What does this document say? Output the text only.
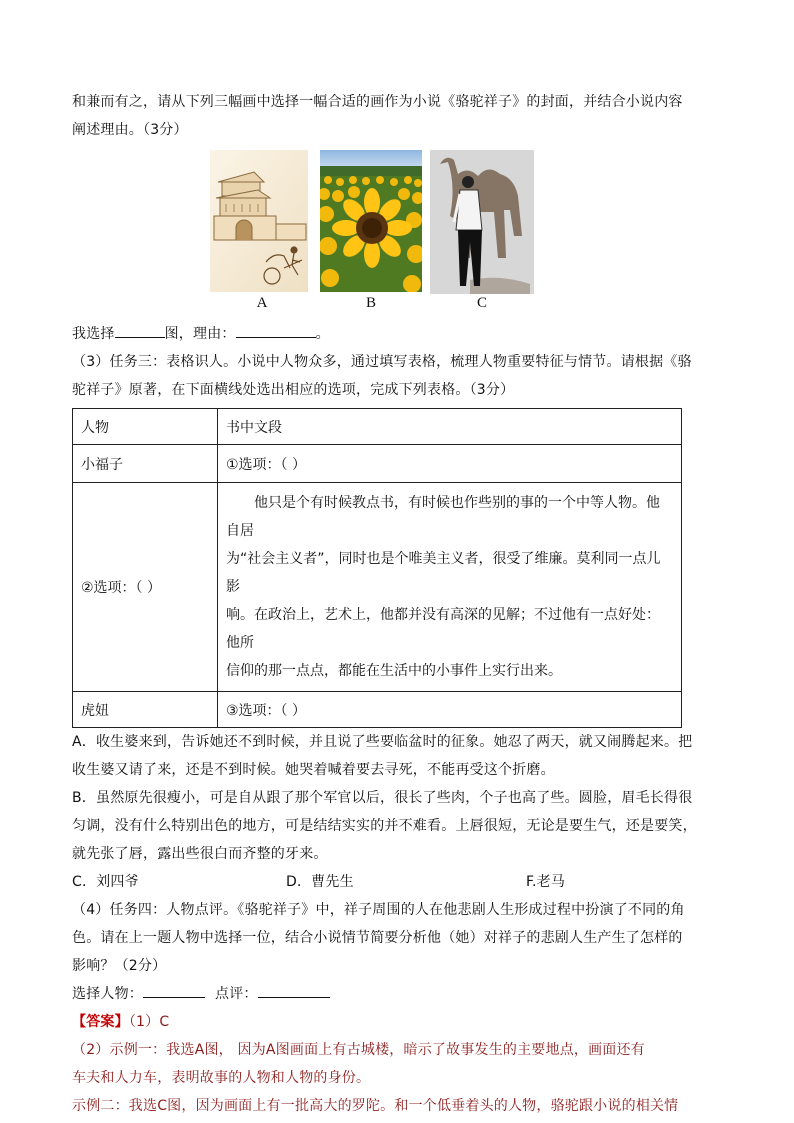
和兼而有之，请从下列三幅画中选择一幅合适的画作为小说《骆驼祥子》的封面，并结合小说内容

阐述理由。（3分）

A	B	C

我选择	图，理由：	。

（3）任务三：表格识人。小说中人物众多，通过填写表格，梳理人物重要特征与情节。请根据《骆

驼祥子》原著，在下面横线处选出相应的选项，完成下列表格。（3分）

人物	书中文段
小福子	①选项：（ ）
②选项：（ ）	他只是个有时候教点书，有时候也作些别的事的一个中等人物。他自居
为“社会主义者”，同时也是个唯美主义者，很受了维廉。莫利同一点儿影
响。在政治上，艺术上，他都并没有高深的见解；不过他有一点好处：他所
信仰的那一点点，都能在生活中的小事件上实行出来。

虎妞	③选项：（ ）

A．收生婆来到，告诉她还不到时候，并且说了些要临盆时的征象。她忍了两天，就又闹腾起来。把

收生婆又请了来，还是不到时候。她哭着喊着要去寻死，不能再受这个折磨。

B．虽然原先很瘦小，可是自从跟了那个军官以后，很长了些肉，个子也高了些。圆脸，眉毛长得很

匀调，没有什么特别出色的地方，可是结结实实的并不难看。上唇很短，无论是要生气，还是要笑，

就先张了唇，露出些很白而齐整的牙来。

C．刘四爷	D．曹先生	F.老马

（4）任务四：人物点评。《骆驼祥子》中，祥子周围的人在他悲剧人生形成过程中扮演了不同的角

色。请在上一题人物中选择一位，结合小说情节简要分析他（她）对祥子的悲剧人生产生了怎样的

影响？（2分）

选择人物：	点评：

【答案】（1）C

（2）示例一：我选A图， 因为A图画面上有古城楼，暗示了故事发生的主要地点，画面还有

车夫和人力车，表明故事的人物和人物的身份。

示例二：我选C图，因为画面上有一批高大的罗陀。和一个低垂着头的人物，骆驼跟小说的相关情
